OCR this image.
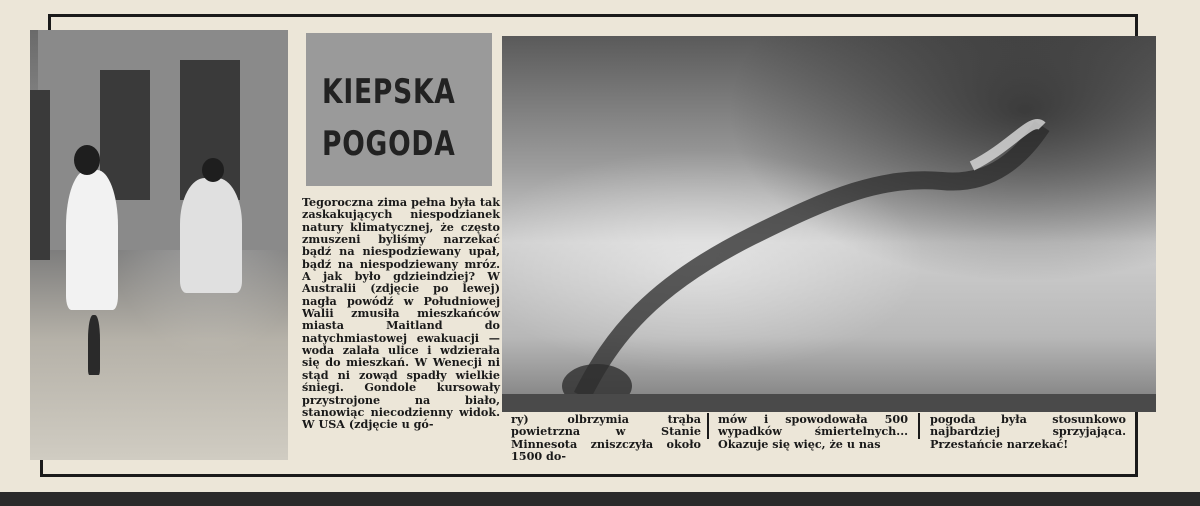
KIEPSKA
POGODA
Tegoroczna zima pełna była tak zaskakujących niespodzianek natury klimatycznej, że często zmuszeni byliśmy narzekać bądź na niespodziewany upał, bądź na niespodziewany mróz. A jak było gdzieindziej? W Australii (zdjęcie po lewej) nagła powódź w Południowej Walii zmusiła mieszkańców miasta Maitland do natychmiastowej ewakuacji — woda zalała ulice i wdzierała się do mieszkań. W Wenecji ni stąd ni zowąd spadły wielkie śniegi. Gondole kursowały przystrojone na biało, stanowiąc niecodzienny widok. W USA (zdjęcie u gó-	ry) olbrzymia trąba powietrzna w Stanie Minnesota zniszczyła około 1500 do-
mów i spowodowała 500 wypadków śmiertelnych... Okazuje się więc, że u nas
pogoda była stosunkowo najbardziej sprzyjająca. Przestańcie narzekać!
